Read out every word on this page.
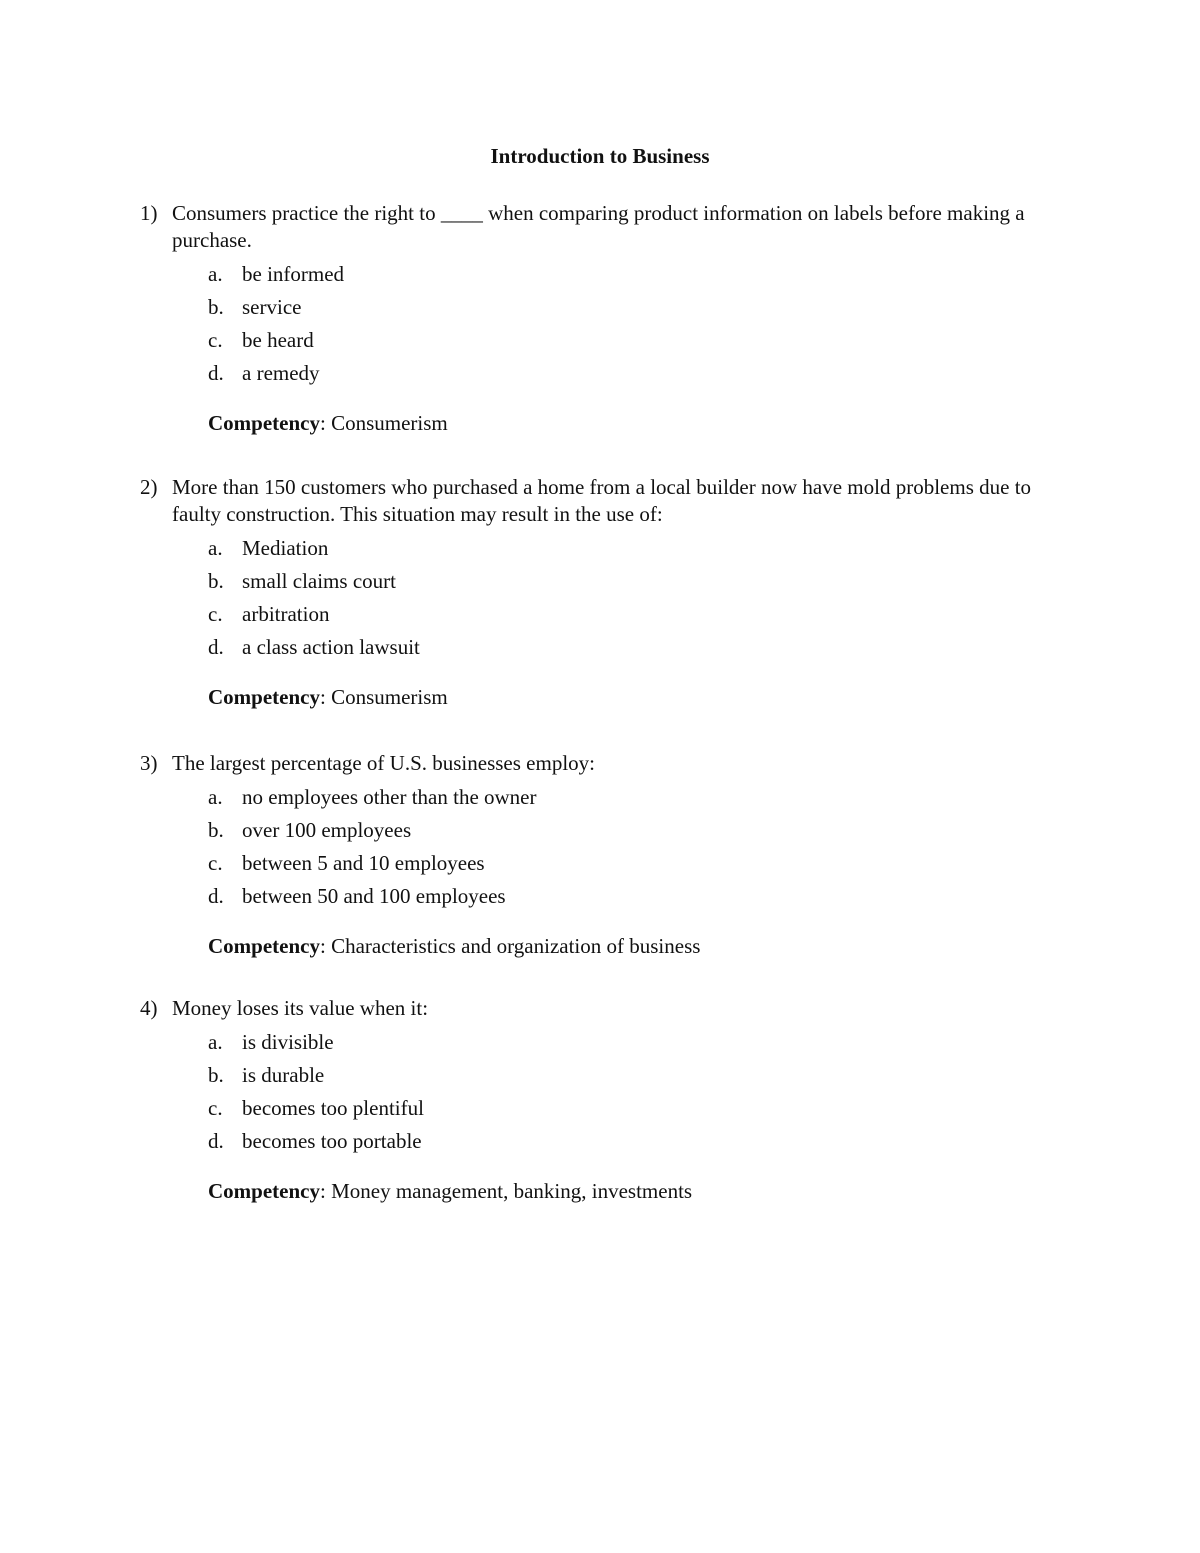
Introduction to Business
1) Consumers practice the right to ____ when comparing product information on labels before making a purchase.
a. be informed
b. service
c. be heard
d. a remedy
Competency: Consumerism
2) More than 150 customers who purchased a home from a local builder now have mold problems due to faulty construction. This situation may result in the use of:
a. Mediation
b. small claims court
c. arbitration
d. a class action lawsuit
Competency: Consumerism
3) The largest percentage of U.S. businesses employ:
a. no employees other than the owner
b. over 100 employees
c. between 5 and 10 employees
d. between 50 and 100 employees
Competency: Characteristics and organization of business
4) Money loses its value when it:
a. is divisible
b. is durable
c. becomes too plentiful
d. becomes too portable
Competency: Money management, banking, investments
